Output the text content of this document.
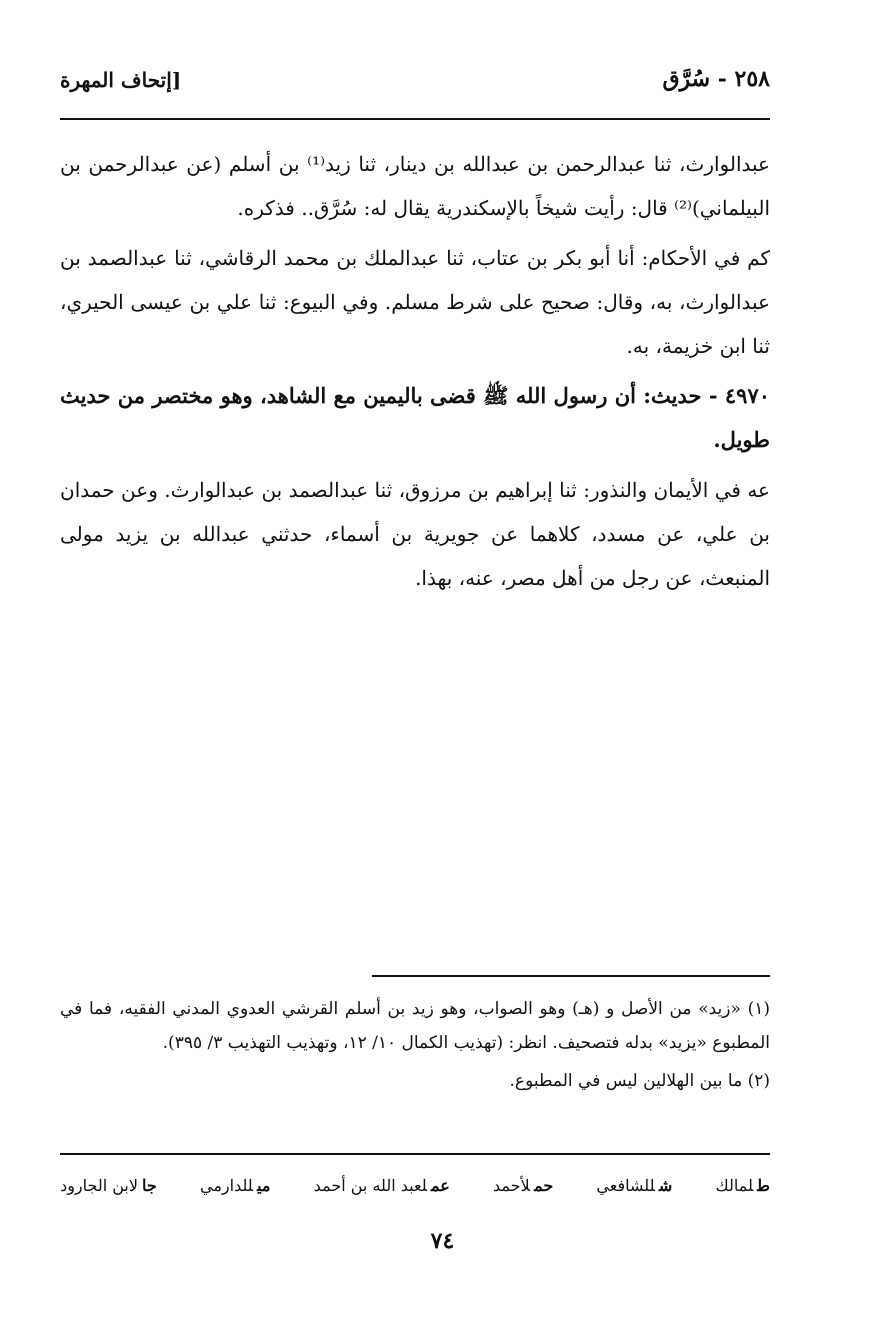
٢٥٨ - سُرَّق
[إتحاف المهرة

عبدالوارث، ثنا عبدالرحمن بن عبدالله بن دينار، ثنا زيد⁽¹⁾ بن أسلم (عن عبدالرحمن بن البيلماني)⁽²⁾ قال: رأيت شيخاً بالإسكندرية يقال له: سُرَّق.. فذكره.

كم في الأحكام: أنا أبو بكر بن عتاب، ثنا عبدالملك بن محمد الرقاشي، ثنا عبدالصمد بن عبدالوارث، به، وقال: صحيح على شرط مسلم. وفي البيوع: ثنا علي بن عيسى الحيري، ثنا ابن خزيمة، به.

٤٩٧٠ - حديث: أن رسول الله ﷺ قضى باليمين مع الشاهد، وهو مختصر من حديث طويل.

عه في الأيمان والنذور: ثنا إبراهيم بن مرزوق، ثنا عبدالصمد بن عبدالوارث. وعن حمدان بن علي، عن مسدد، كلاهما عن جويرية بن أسماء، حدثني عبدالله بن يزيد مولى المنبعث، عن رجل من أهل مصر، عنه، بهذا.

(١) «زيد» من الأصل و (هـ) وهو الصواب، وهو زيد بن أسلم القرشي العدوي المدني الفقيه، فما في المطبوع «يزيد» بدله فتصحيف. انظر: (تهذيب الكمال ١٠/ ١٢، وتهذيب التهذيب ٣/ ٣٩٥).

(٢) ما بين الهلالين ليس في المطبوع.

طلمالك
شللشافعي
حملأحمد
عملعبد الله بن أحمد
ميللدارمي
جالابن الجارود
٧٤
